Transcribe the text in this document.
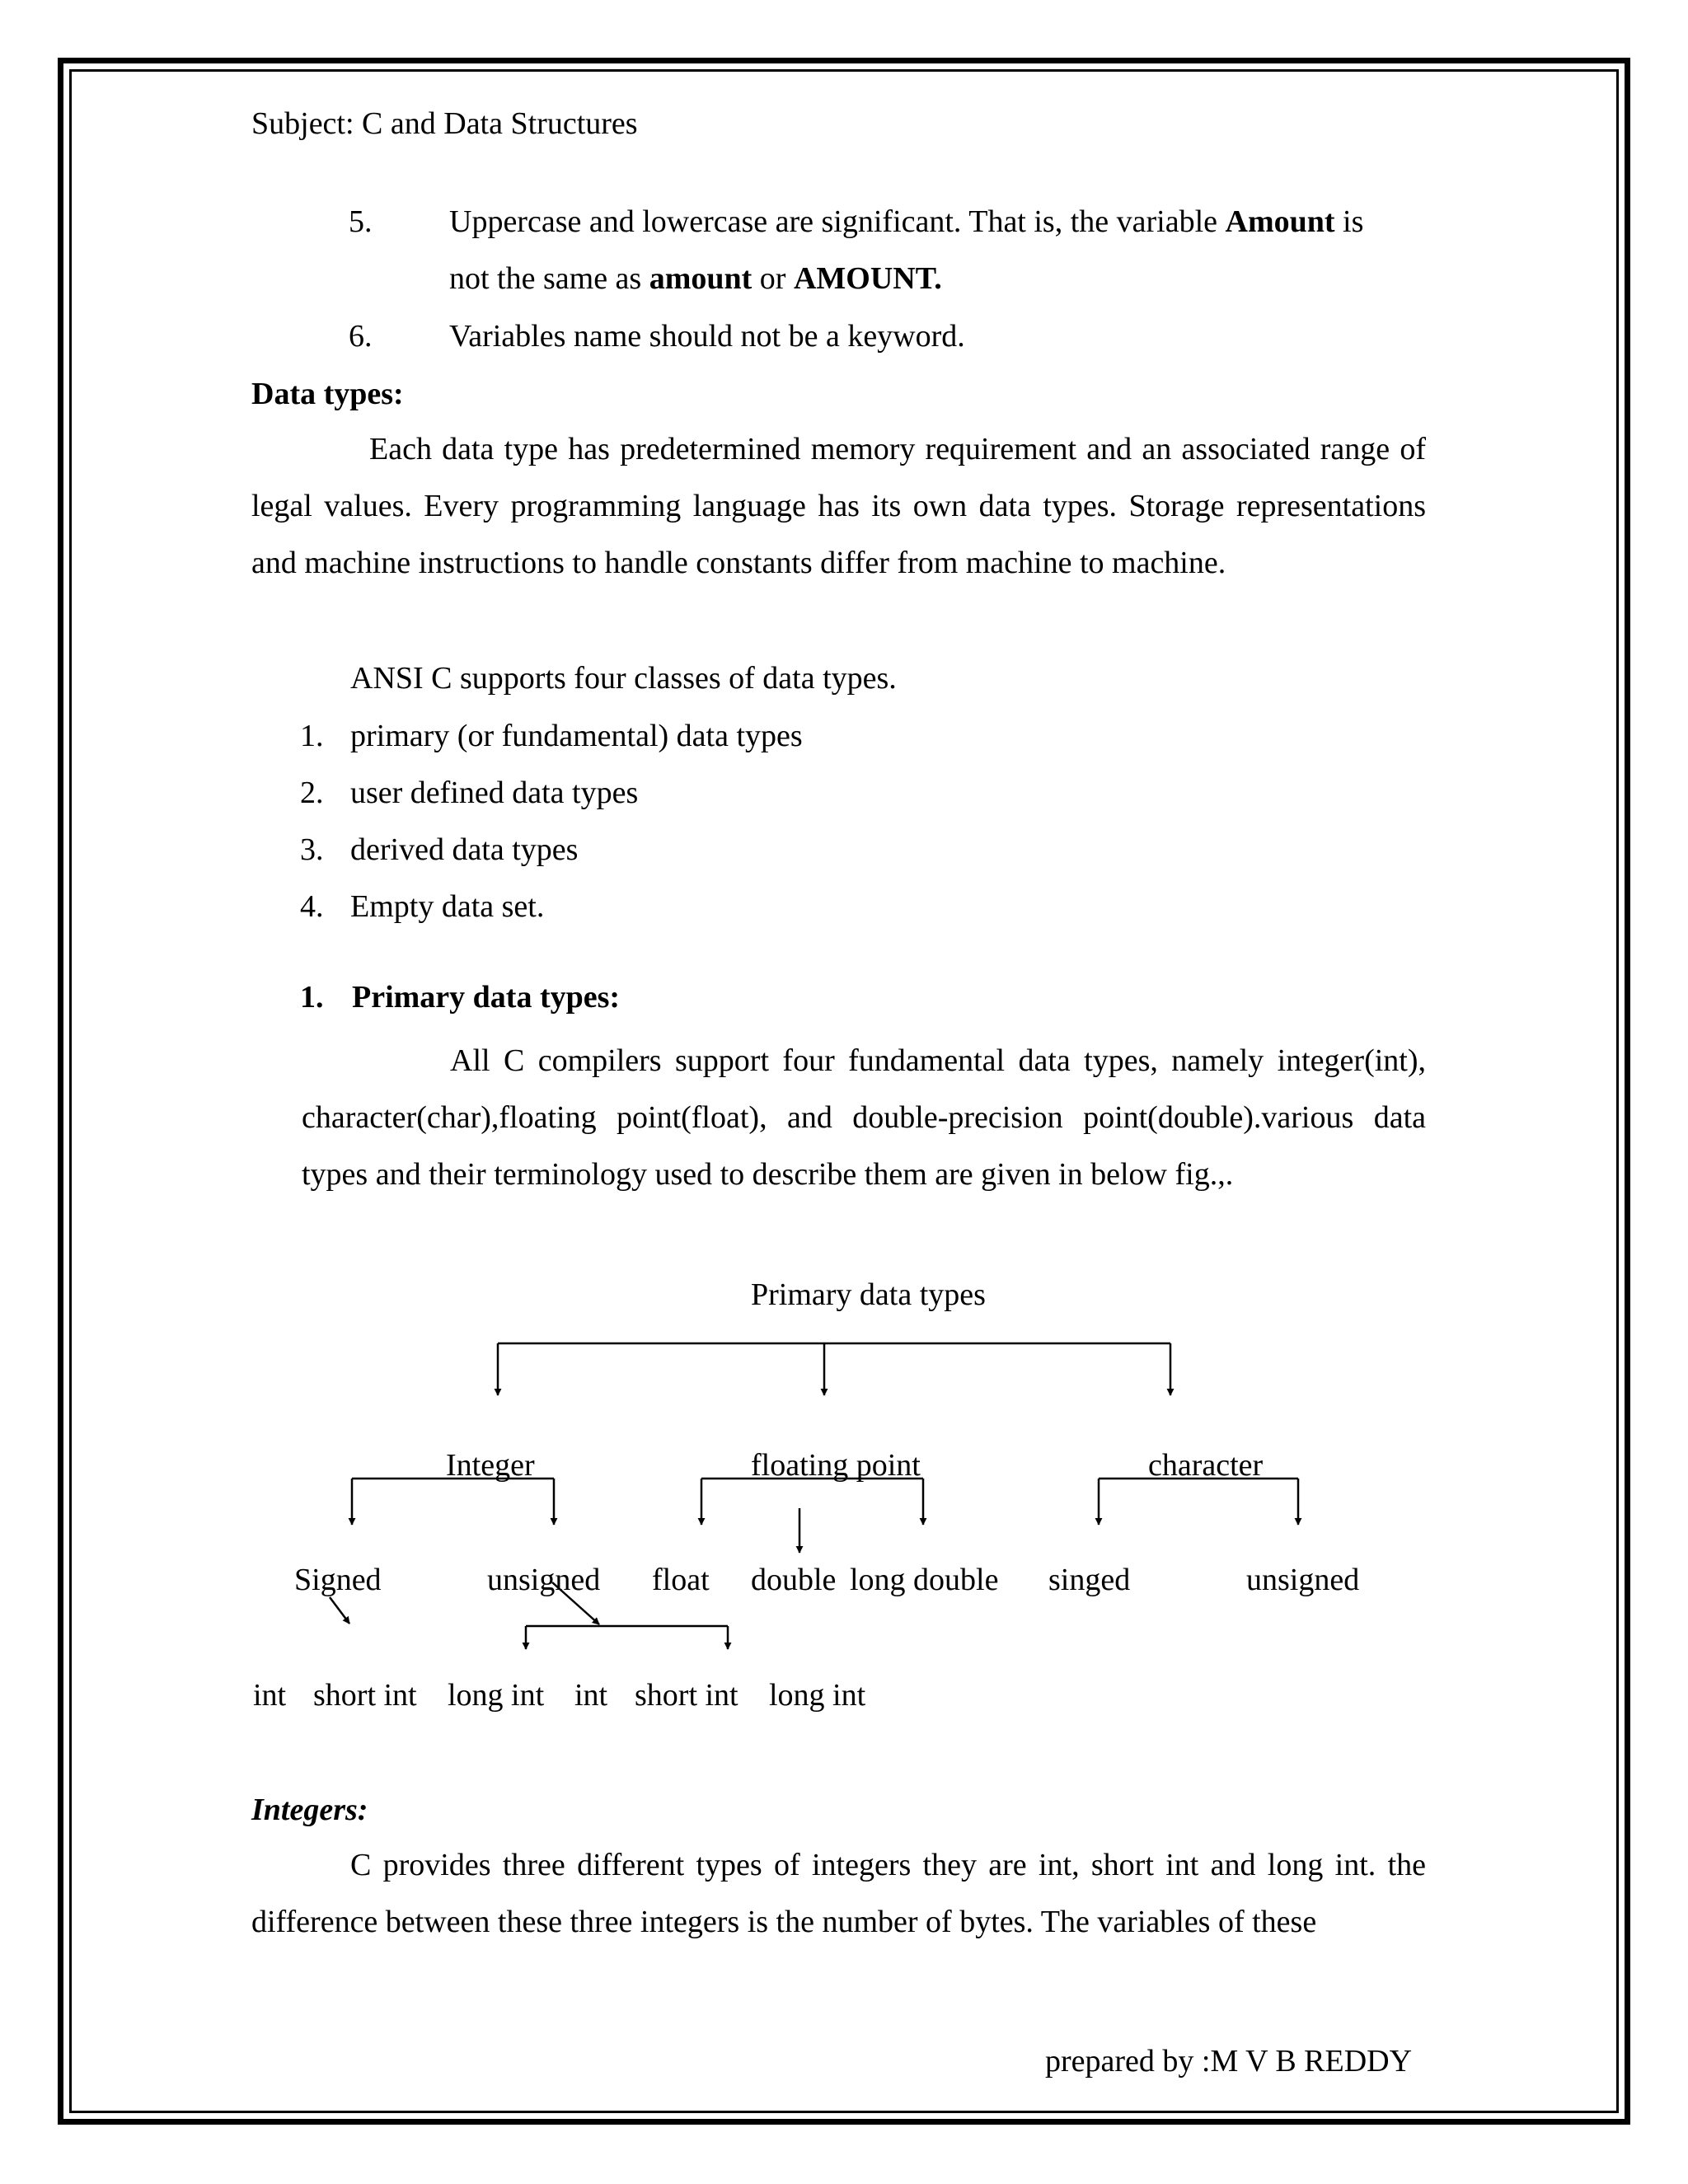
Subject: C and Data Structures
5. Uppercase and lowercase are significant. That is, the variable Amount is
not the same as amount or AMOUNT.
6. Variables name should not be a keyword.
Data types:
Each data type has predetermined memory requirement and an associated range of legal values. Every programming language has its own data types. Storage representations and machine instructions to handle constants differ from machine to machine.
ANSI C supports four classes of data types.
1. primary (or fundamental) data types
2. user defined data types
3. derived data types
4. Empty data set.
1. Primary data types:
All C compilers support four fundamental data types, namely integer(int), character(char),floating point(float), and double-precision point(double).various data types and their terminology used to describe them are given in below fig.,.
Primary data types
Integer	floating point	character
Signed	unsigned float double long double singed	unsigned
int short int long int int short int long int
Integers:
C provides three different types of integers they are int, short int and long int. the difference between these three integers is the number of bytes. The variables of these
prepared by :M V B REDDY
